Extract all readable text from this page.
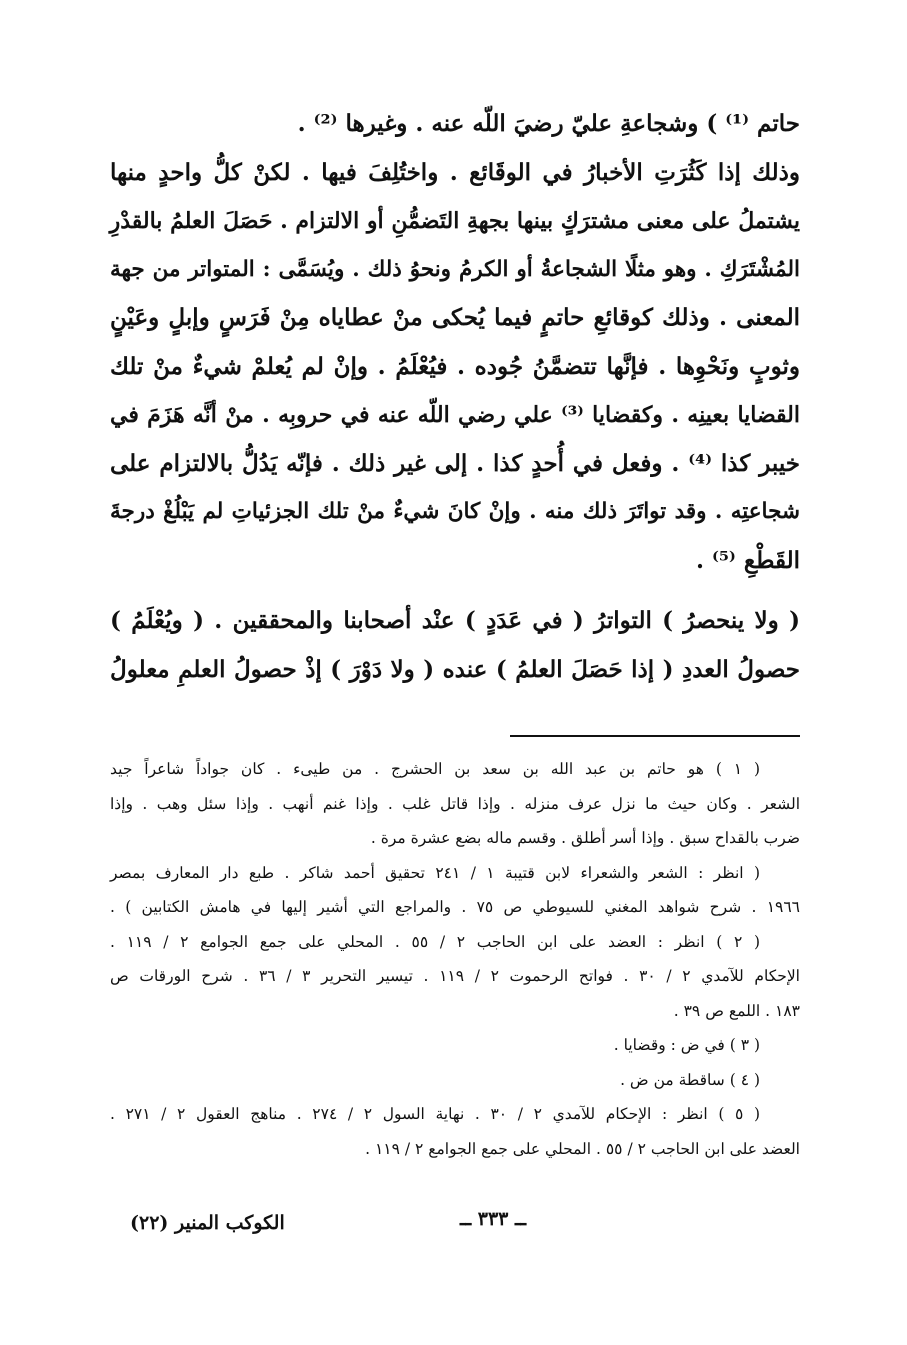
حاتم ⁽¹⁾ ) وشجاعةِ عليّ رضيَ اللّه عنه . وغيرها ⁽²⁾ .
وذلك إذا كَثُرَتِ الأخبارُ في الوقَائع . واختُلِفَ فيها . لكنْ كلُّ واحدٍ منها
يشتملُ على معنى مشترَكٍ بينها بجهةِ التَضمُّنِ أو الالتزام . حَصَلَ العلمُ بالقدْرِ
المُشْتَرَكِ . وهو مثلًا الشجاعةُ أو الكرمُ ونحوُ ذلك . ويُسَمَّى : المتواتر من جهة
المعنى . وذلك كوقائعِ حاتمٍ فيما يُحكى منْ عطاياه مِنْ فَرَسٍ وإبلٍ وعَيْنٍ
وثوبٍ ونَحْوِها . فإنَّها تتضمَّنُ جُوده . فيُعْلَمُ . وإنْ لم يُعلمْ شيءٌ منْ تلك
القضايا بعينِه . وكقضايا ⁽³⁾ علي رضي اللّه عنه في حروبِه . منْ أنَّه هَزَمَ في
خيبر كذا ⁽⁴⁾ . وفعل في أُحدٍ كذا . إلى غير ذلك . فإنّه يَدُلُّ بالالتزام على
شجاعتِه . وقد تواتَرَ ذلك منه . وإنْ كانَ شيءٌ منْ تلك الجزئياتِ لم يَبْلُغْ درجةَ
القَطْعِ ⁽⁵⁾ .
( ولا ينحصرُ ) التواترُ ( في عَدَدٍ ) عنْد أصحابنا والمحققين . ( ويُعْلَمُ )
حصولُ العددِ ( إذا حَصَلَ العلمُ ) عنده ( ولا دَوْرَ ) إذْ حصولُ العلمِ معلولُ
( ١ ) هو حاتم بن عبد الله بن سعد بن الحشرج . من طيىء . كان جواداً شاعراً جيد
الشعر . وكان حيث ما نزل عرف منزله . وإذا قاتل غلب . وإذا غنم أنهب . وإذا سئل وهب . وإذا
ضرب بالقداح سبق . وإذا أسر أطلق . وقسم ماله بضع عشرة مرة .
( انظر : الشعر والشعراء لابن قتيبة ١ / ٢٤١ تحقيق أحمد شاكر . طبع دار المعارف بمصر
١٩٦٦ . شرح شواهد المغني للسيوطي ص ٧٥ . والمراجع التي أشير إليها في هامش الكتابين ) .
( ٢ ) انظر : العضد على ابن الحاجب ٢ / ٥٥ . المحلي على جمع الجوامع ٢ / ١١٩ .
الإحكام للآمدي ٢ / ٣٠ . فواتح الرحموت ٢ / ١١٩ . تيسير التحرير ٣ / ٣٦ . شرح الورقات ص
١٨٣ . اللمع ص ٣٩ .
( ٣ ) في ض : وقضايا .
( ٤ ) ساقطة من ض .
( ٥ ) انظر : الإحكام للآمدي ٢ / ٣٠ . نهاية السول ٢ / ٢٧٤ . مناهج العقول ٢ / ٢٧١ .
العضد على ابن الحاجب ٢ / ٥٥ . المحلي على جمع الجوامع ٢ / ١١٩ .
ــ ٣٣٣ ــ
الكوكب المنير (٢٢)
